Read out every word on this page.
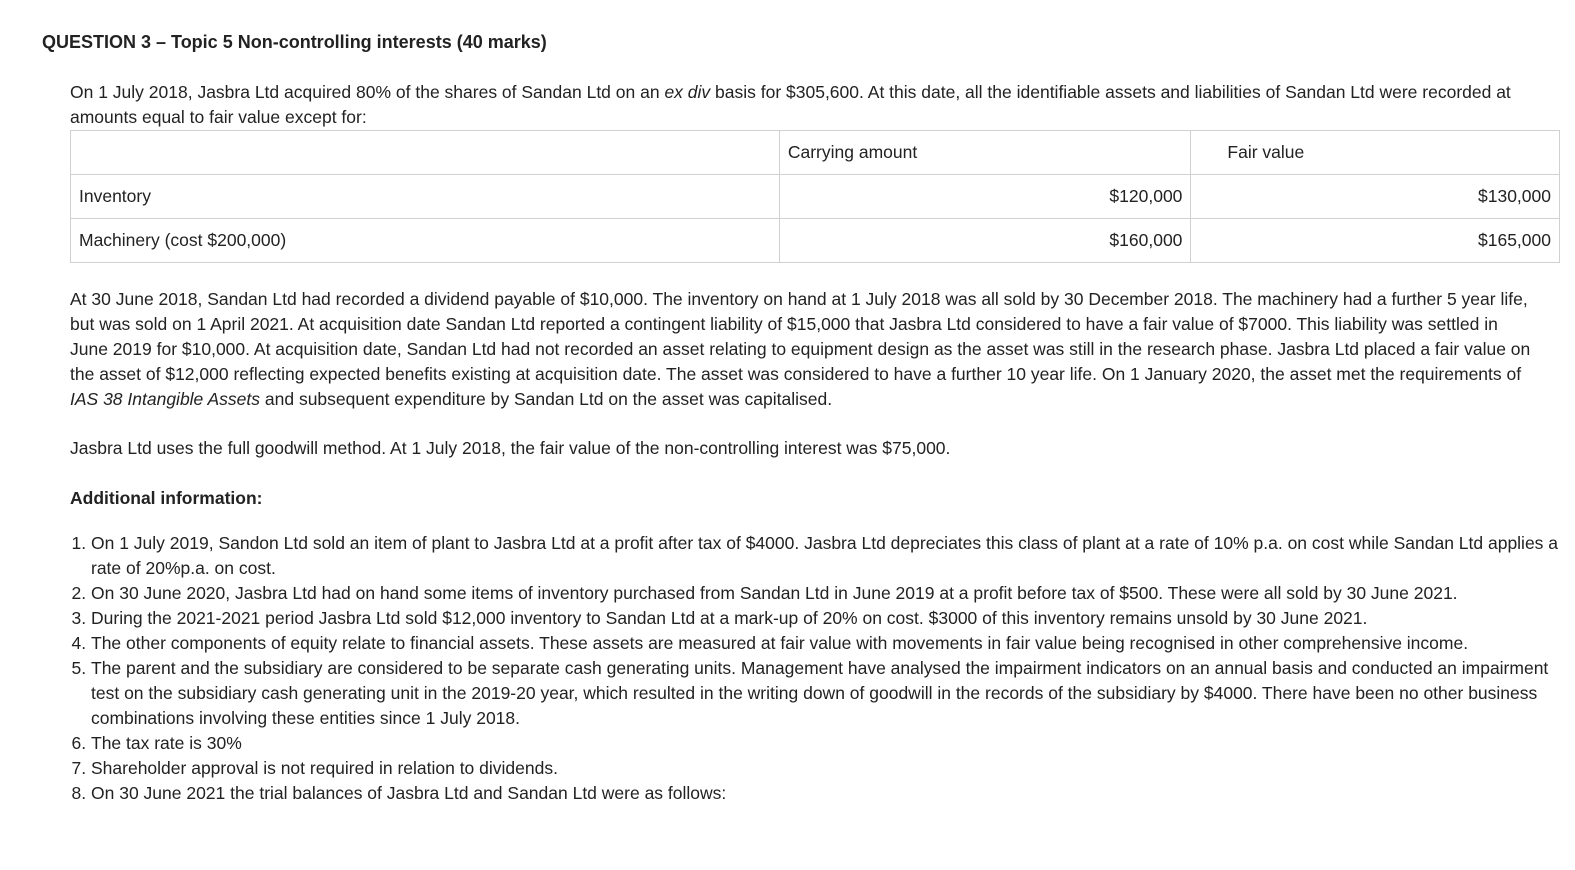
QUESTION 3 – Topic 5 Non-controlling interests (40 marks)

On 1 July 2018, Jasbra Ltd acquired 80% of the shares of Sandan Ltd on an ex div basis for $305,600. At this date, all the identifiable assets and liabilities of Sandan Ltd were recorded at amounts equal to fair value except for:

	Carrying amount	Fair value
Inventory	$120,000	$130,000
Machinery (cost $200,000)	$160,000	$165,000

At 30 June 2018, Sandan Ltd had recorded a dividend payable of $10,000. The inventory on hand at 1 July 2018 was all sold by 30 December 2018. The machinery had a further 5 year life, but was sold on 1 April 2021. At acquisition date Sandan Ltd reported a contingent liability of $15,000 that Jasbra Ltd considered to have a fair value of $7000. This liability was settled in June 2019 for $10,000. At acquisition date, Sandan Ltd had not recorded an asset relating to equipment design as the asset was still in the research phase. Jasbra Ltd placed a fair value on the asset of $12,000 reflecting expected benefits existing at acquisition date. The asset was considered to have a further 10 year life. On 1 January 2020, the asset met the requirements of IAS 38 Intangible Assets and subsequent expenditure by Sandan Ltd on the asset was capitalised.

Jasbra Ltd uses the full goodwill method. At 1 July 2018, the fair value of the non-controlling interest was $75,000.

Additional information:

1. On 1 July 2019, Sandon Ltd sold an item of plant to Jasbra Ltd at a profit after tax of $4000. Jasbra Ltd depreciates this class of plant at a rate of 10% p.a. on cost while Sandan Ltd applies a rate of 20%p.a. on cost.
2. On 30 June 2020, Jasbra Ltd had on hand some items of inventory purchased from Sandan Ltd in June 2019 at a profit before tax of $500. These were all sold by 30 June 2021.
3. During the 2021-2021 period Jasbra Ltd sold $12,000 inventory to Sandan Ltd at a mark-up of 20% on cost. $3000 of this inventory remains unsold by 30 June 2021.
4. The other components of equity relate to financial assets. These assets are measured at fair value with movements in fair value being recognised in other comprehensive income.
5. The parent and the subsidiary are considered to be separate cash generating units. Management have analysed the impairment indicators on an annual basis and conducted an impairment test on the subsidiary cash generating unit in the 2019-20 year, which resulted in the writing down of goodwill in the records of the subsidiary by $4000. There have been no other business combinations involving these entities since 1 July 2018.
6. The tax rate is 30%
7. Shareholder approval is not required in relation to dividends.
8. On 30 June 2021 the trial balances of Jasbra Ltd and Sandan Ltd were as follows:
